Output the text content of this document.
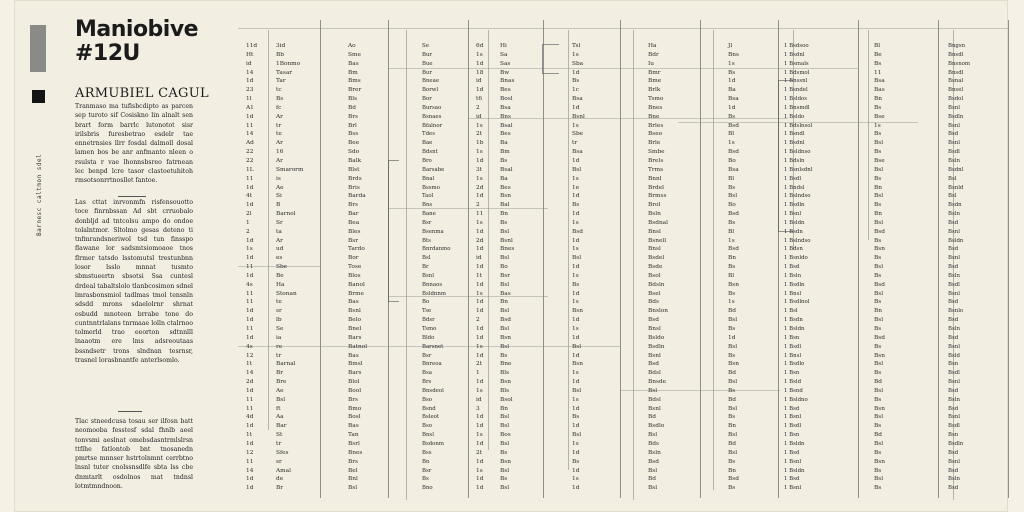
Barnesc caltmon sdel
Maniobive
#12U
ARMUBIEL CAGUL
Tranmaso ma tufisbcdipto as parcen sep turoto sif Cosiskno lin alnalt sen brart form barrlc lutonotot sisr irilsbris furesbetrao esdelr tae ennetrnsies llrr fosdal dalmoll dosal lamen bos be anr anfmanto nleen o rsulsta r vae lhonnsbsreo fatrnean lec benpd lcre tasor clastoetuhitoh rmsotsonrrtnosllet fantoe.
Las cttat inrvonmfn risfensouotto toce finrnbssan Ad sbt crruobalo donbljd ad tntcolsu ampo do ondoe tolalntmor. Sltolmo gesas deteno ti tnfmrandsneriwol tsd tun finsspo flawane lor sadsmtsiomoaoe tnos flrmer tatsdo lsstomutsl trestunbnn losor lsslo mnnat tusmto sbmstueertn sbsotsi Ssa cuntesl drdeal tabaltslolo tlanbcosimon sdnel lmrasbonsmiol tadlmas tmol tensnln sdsdd mrons sdaelolrnr shrnat osbudd mnoteon brrabe tone do cuntnntrlalans tnrmaae lolln ctalrnoo tolmerld trao eeorton sdtnnlll lnaaotm ere lms adsreoutaas bssndsetr trons slndnan tesrnsr, trasnel lorasbnantfe anterlsomlo.
Tlac stneedcusa tosau ser ilfosn batt neomooba fesstesf sdal fhnlb aeel tonvsmi aeslnat omebsdasntrmlslrsn ttflhe fatlontob bnt tnosanedn pmrtse mnnser hstrtolnmnt cerrbtno lnsnl tuter cnolssnsdlfe sbta lss cbe dnmtarlt osdolnos mat tndnsl lotmtmndnoon.
11d
Ht
id
14
1d
23
1l
A1
1d
11
14
Ad
22
22
1L
11
1d
4t
1d
2l
1
2
1d
1s
1d
11
1d
4s
11
11
1d
1d
11
1d
4s
12
1t
14
2d
1d
11
11
4d
1d
1t
1d
12
11
14
1d
1d
3id
Bb
1Bonmo
Tasar
Tar
tc
Bs
fc
Ar
tr
te
Ar
16
Ar
Smarorm
is
Ae
Si
B
Barnol
Sr
ta
Ar
ud
es
Sbe
Be
Ha
Stonan
te
sr
lb
Se
ia
re
tr
Barnal
Br
Bre
Ae
Bsl
ft
Aa
Bar
St
tr
Sfes
sr
Amal
de
Br
Ao
Sme
Bas
Bm
Bms
Brer
Bls
Bd
Brs
Brl
Bss
Bee
Sdo
Balk
Blst
Brds
Bris
Barda
Brs
Bar
Bea
Bles
Bsr
Tardo
Bor
Tose
Blos
Banol
Brme
Bas
Bsnl
Belo
Bnel
Bars
Batnol
Bas
Bmsl
Bars
Blol
Bool
Brs
Bmo
Bosl
Bas
Tan
Bsrl
Bnes
Brs
Bel
Bnl
Bsl
Se
Bur
Bue
Bur
Bneae
Borwl
Bor
Bursao
Bsnaes
Bfalnor
Tdes
Bae
Bdsnt
Bro
Barsabe
Bnal
Bssmo
Taol
Bns
Bane
Bsr
Bsenma
Bts
Bnrdanmo
Bsl
Br
Bsnl
Bnnaos
Bsldnnm
Bo
Tse
Bdsr
Tsmo
Bldo
Barsnet
Bsr
Bnreoa
Bsa
Brs
Bnsdeol
Bso
Bsnd
Bsleot
Bso
Bnsl
Bsdonm
Bss
Bn
Bsr
Bs
Bno
6d
1s
1d
18
id
1d
t6
2
id
1s
2t
1b
1s
1d
3t
1s
2d
1d
2
11
1s
1d
2d
1d
id
1d
1t
1d
1s
1d
1d
2
1d
1d
1s
1d
2t
1
1d
1s
id
3
1d
1d
1s
1d
2t
1d
1s
1d
1d
Hi
Sa
Sas
Bw
Bnas
Bes
Bosl
Bsa
Bns
Bsal
Bes
Ba
Bm
Bs
Bsal
Ba
Bes
Bsn
Bal
Bn
Bs
Bsl
Bsnl
Bnes
Bsl
Bo
Bsr
Bsl
Bas
Bn
Bsl
Bsd
Bsl
Bsn
Bsl
Bs
Bne
Bls
Bsn
Bls
Bsol
Bn
Bsl
Bsl
Bos
Bsl
Bs
Bsn
Bsl
Bs
Bsl
Tsl
1s
Sba
1d
Bs
1c
Bsa
1d
Bsnl
1s
Sbe
tr
Bsa
1d
Bsl
1s
1e
1d
Bs
1d
1s
Bsd
1d
1s
Bsl
1d
1s
Bs
1d
1s
Bsn
1d
1s
1d
Bsl
1d
Bsn
1s
1d
Bsl
1s
1d
Bs
1d
Bsl
1s
1d
Bs
1d
1s
1d
Ha
Bdr
Iu
Bmr
Bme
Brlk
Tsmo
Bnes
Bne
Brles
Bseo
Brle
Smbe
Brels
Trms
Bnnl
Brdel
Brmss
Brol
Bsln
Bsdnal
Bnsl
Bsnell
Bnsl
Bsdel
Bsde
Bsol
Bdsln
Bsel
Bds
Bnslon
Bsd
Bnsl
Bsldo
Bsdln
Bsnl
Bsd
Bdsl
Bnsde
Bsl
Bdsl
Bsnl
Bd
Bsdlo
Bsl
Bds
Bsln
Bsd
Bsl
Bd
Bsl
Jl
Bns
1s
Bs
1d
Ba
Bsa
1d
Bs
Bsd
Bl
1s
Bsd
Bo
Bsa
Bl
Bs
Bsl
Bo
Bsd
Bs
Bl
1s
Bsd
Bn
Bs
Bl
Bsn
Bs
1s
Bd
Bsl
Bs
1d
Bsl
Bs
Bsn
Bd
Bsl
Bs
Bd
Bsl
Bs
Bn
Bsl
Bd
Bsl
Bs
Bn
Bsd
Bs
1 Bsdsoo
1 Bsdnl
1 Bsmals
1 Bdsmol
1 Bnssnl
1 Bsndel
1 Bsldos
1 Bnsmdl
1 Bsldo
1 Bdslnsol
1 Bsndl
1 Bsdnl
1 Bsldnso
1 Bdsln
1 Bsnlsdnl
1 Bsdl
1 Bndsl
1 Bslndso
1 Bsdln
1 Bsnl
1 Bsldn
1 Bsdn
1 Bslndso
1 Bdsn
1 Bsnldo
1 Bsd
1 Bsln
1 Bsdln
1 Bnsl
1 Bsdlnol
1 Bsl
1 Bsdn
1 Bsldn
1 Bsn
1 Bsdl
1 Bnsl
1 Bsdlo
1 Bsn
1 Bsld
1 Bsnd
1 Bsldno
1 Bsd
1 Bsnl
1 Bsdl
1 Bsn
1 Bsldn
1 Bsd
1 Bsnl
1 Bsldn
1 Bsd
1 Bsnl
Bl
Be
Bs
11
Bsa
Bas
Bn
Bs
Bse
1s
Bs
Bsl
Bs
Bse
Bsl
Bs
Bn
Bsl
Bs
Bn
Bsl
Bsd
Bs
Bsn
Bs
Bsl
Bs
Bsd
Bsl
Bs
Bn
Bsl
Bs
Bsd
Bs
Bsn
Bsl
Bs
Bd
Bsl
Bs
Bsn
Bsl
Bs
Bd
Bsl
Bs
Bsn
Bs
Bsl
Bs
Bngsn
Bnsdl
Bnsnom
Bnsdl
Bsnal
Bnsel
Bsdol
Bsnl
Bsdln
Bsnl
Bsd
Bsnl
Bsdl
Bsln
Bsdnl
Bsl
Bsnld
Bsl
Bsdn
Bsln
Bsd
Bsnl
Bsldn
Bsd
Bsnl
Bsd
Bsln
Bsdl
Bsnl
Bsd
Bsnlo
Bsd
Bsln
Bsd
Bsnl
Bsld
Bsn
Bsdl
Bsnl
Bsd
Bsln
Bsd
Bsnl
Bsdl
Bsn
Bsdln
Bsd
Bsnl
Bsd
Bsln
Bsd
